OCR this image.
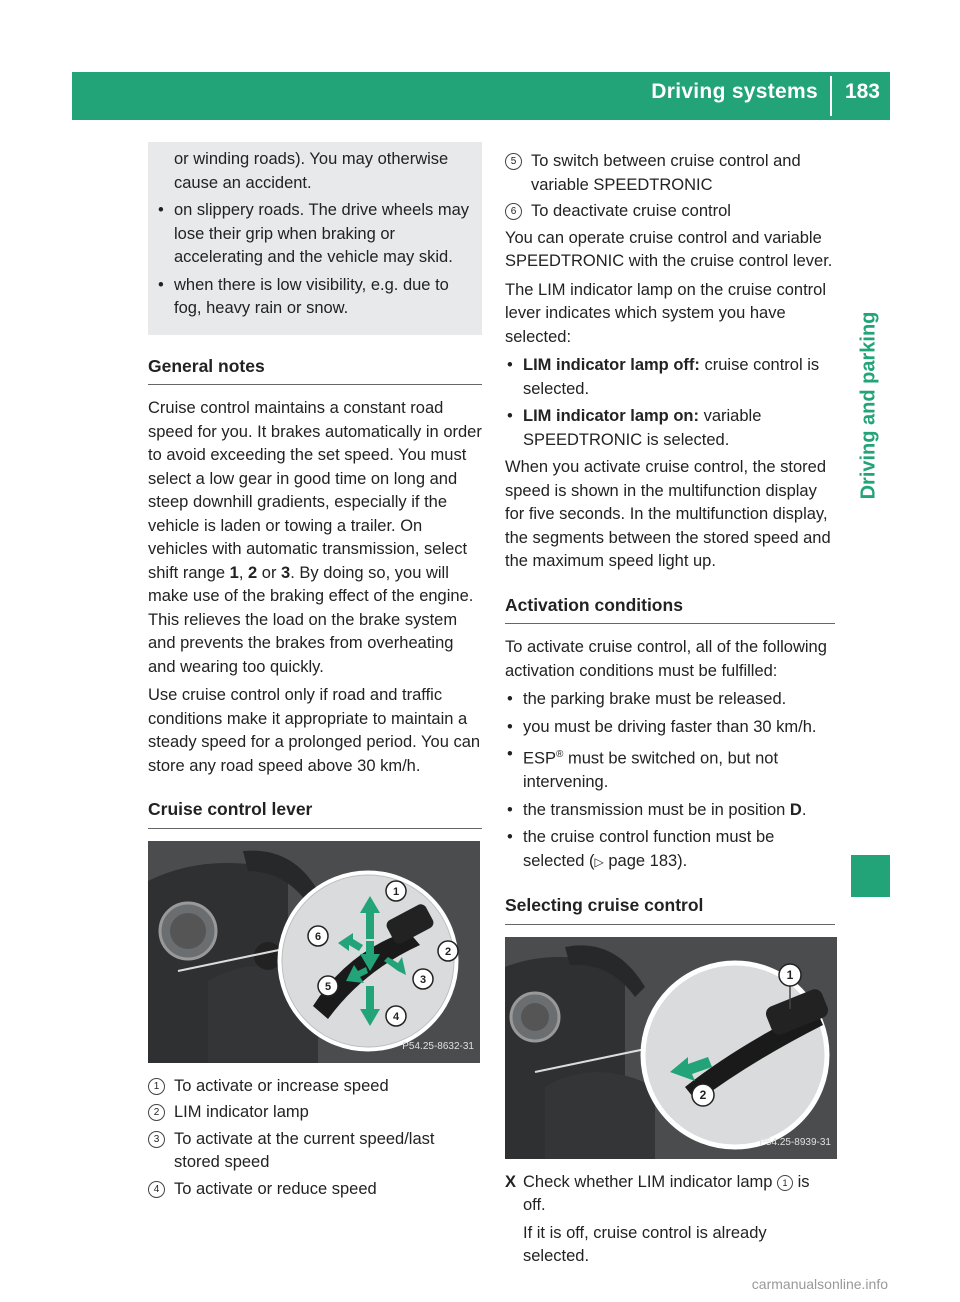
Driving systems 183
Driving and parking
or winding roads). You may otherwise cause an accident.
• on slippery roads. The drive wheels may lose their grip when braking or accelerating and the vehicle may skid.
• when there is low visibility, e.g. due to fog, heavy rain or snow.
General notes

Cruise control maintains a constant road speed for you. It brakes automatically in order to avoid exceeding the set speed. You must select a low gear in good time on long and steep downhill gradients, especially if the vehicle is laden or towing a trailer. On vehicles with automatic transmission, select shift range 1, 2 or 3. By doing so, you will make use of the braking effect of the engine. This relieves the load on the brake system and prevents the brakes from overheating and wearing too quickly.

Use cruise control only if road and traffic conditions make it appropriate to maintain a steady speed for a prolonged period. You can store any road speed above 30 km/h.

Cruise control lever
1
2
3
4
5
6
P54.25-8632-31
1 To activate or increase speed
2 LIM indicator lamp
3 To activate at the current speed/last stored speed
4 To activate or reduce speed
5 To switch between cruise control and variable SPEEDTRONIC
6 To deactivate cruise control

You can operate cruise control and variable SPEEDTRONIC with the cruise control lever.

The LIM indicator lamp on the cruise control lever indicates which system you have selected:

• LIM indicator lamp off: cruise control is selected.
• LIM indicator lamp on: variable SPEEDTRONIC is selected.

When you activate cruise control, the stored speed is shown in the multifunction display for five seconds. In the multifunction display, the segments between the stored speed and the maximum speed light up.

Activation conditions

To activate cruise control, all of the following activation conditions must be fulfilled:

• the parking brake must be released.
• you must be driving faster than 30 km/h.
• ESP® must be switched on, but not intervening.
• the transmission must be in position D.
• the cruise control function must be selected (▷ page 183).
Selecting cruise control
1
2
P54.25-8939-31
X Check whether LIM indicator lamp 1 is off.

If it is off, cruise control is already selected.

carmanualsonline.info
